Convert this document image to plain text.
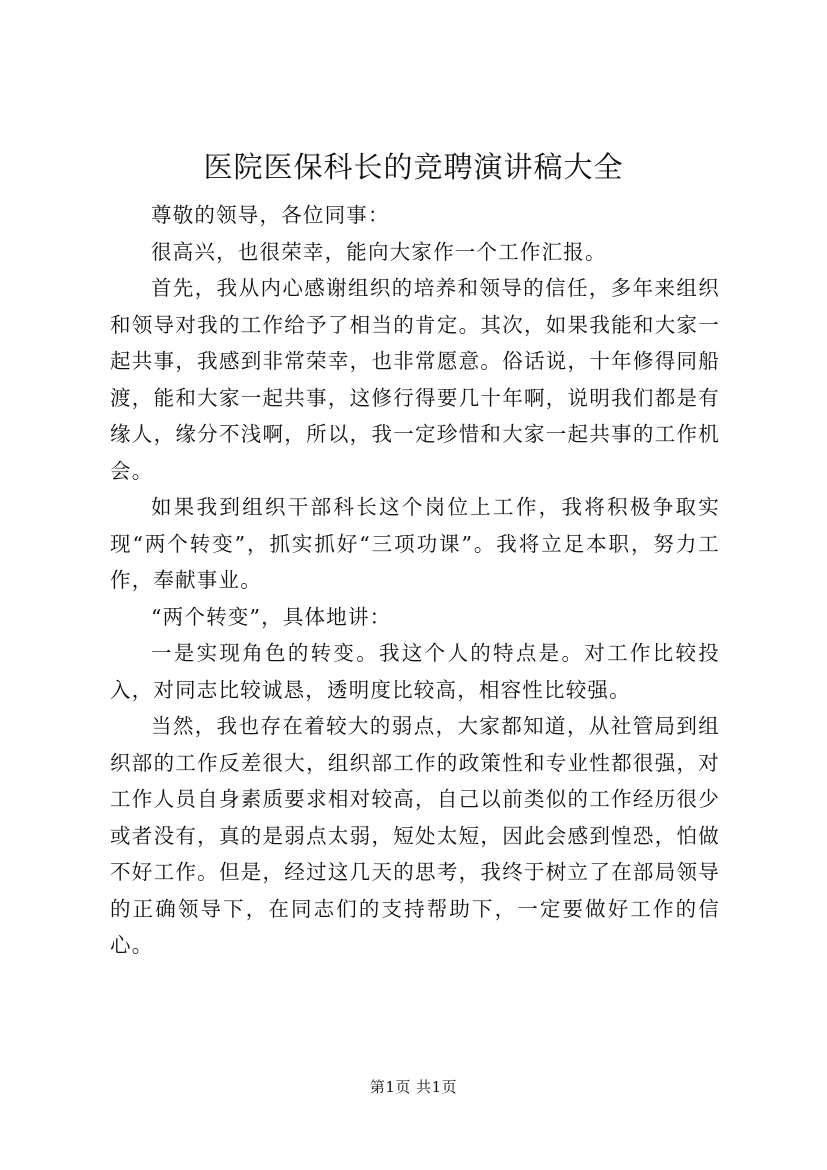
医院医保科长的竞聘演讲稿大全

尊敬的领导，各位同事：

很高兴，也很荣幸，能向大家作一个工作汇报。

首先，我从内心感谢组织的培养和领导的信任，多年来组织和领导对我的工作给予了相当的肯定。其次，如果我能和大家一起共事，我感到非常荣幸，也非常愿意。俗话说，十年修得同船渡，能和大家一起共事，这修行得要几十年啊，说明我们都是有缘人，缘分不浅啊，所以，我一定珍惜和大家一起共事的工作机会。

如果我到组织干部科长这个岗位上工作，我将积极争取实现“两个转变”，抓实抓好“三项功课”。我将立足本职，努力工作，奉献事业。

“两个转变”，具体地讲：

一是实现角色的转变。我这个人的特点是。对工作比较投入，对同志比较诚恳，透明度比较高，相容性比较强。

当然，我也存在着较大的弱点，大家都知道，从社管局到组织部的工作反差很大，组织部工作的政策性和专业性都很强，对工作人员自身素质要求相对较高，自己以前类似的工作经历很少或者没有，真的是弱点太弱，短处太短，因此会感到惶恐，怕做不好工作。但是，经过这几天的思考，我终于树立了在部局领导的正确领导下，在同志们的支持帮助下，一定要做好工作的信心。

第1页 共1页
